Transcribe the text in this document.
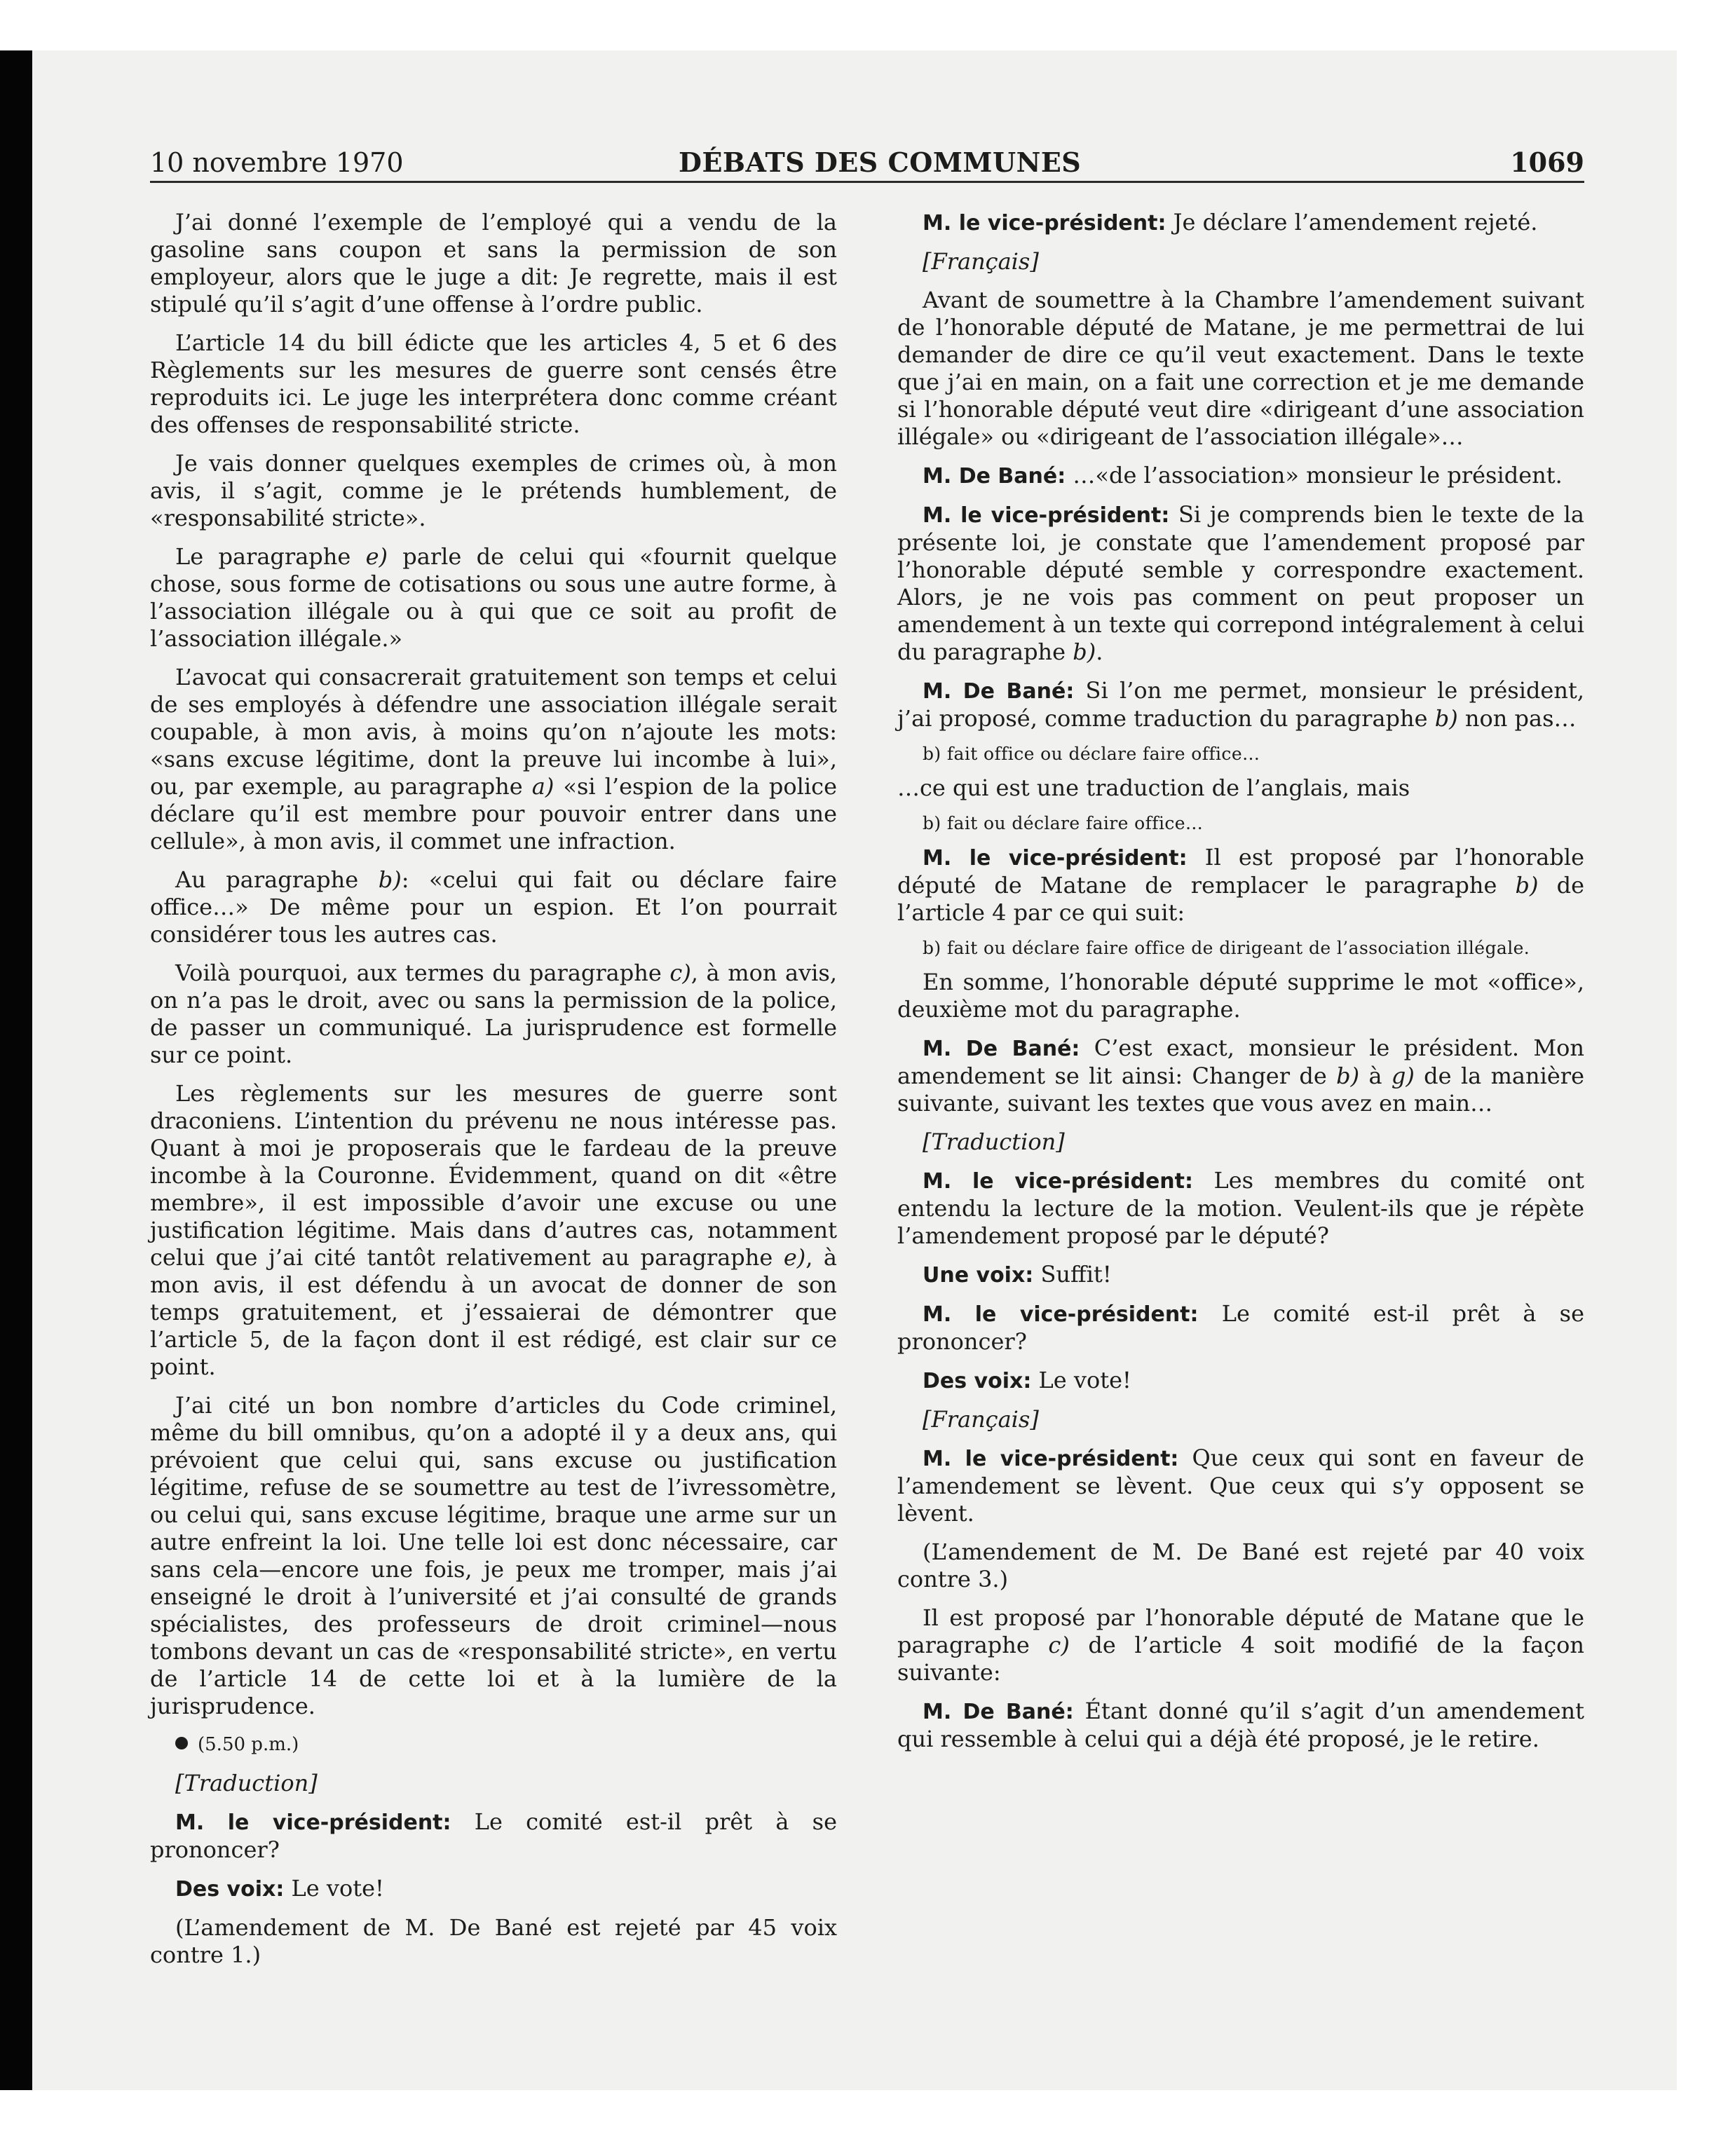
10 novembre 1970	DÉBATS DES COMMUNES	1069

J’ai donné l’exemple de l’employé qui a vendu de la gasoline sans coupon et sans la permission de son employeur, alors que le juge a dit: Je regrette, mais il est stipulé qu’il s’agit d’une offense à l’ordre public.

L’article 14 du bill édicte que les articles 4, 5 et 6 des Règlements sur les mesures de guerre sont censés être reproduits ici. Le juge les interprétera donc comme créant des offenses de responsabilité stricte.

Je vais donner quelques exemples de crimes où, à mon avis, il s’agit, comme je le prétends humblement, de «responsabilité stricte».

Le paragraphe e) parle de celui qui «fournit quelque chose, sous forme de cotisations ou sous une autre forme, à l’association illégale ou à qui que ce soit au profit de l’association illégale.»

L’avocat qui consacrerait gratuitement son temps et celui de ses employés à défendre une association illégale serait coupable, à mon avis, à moins qu’on n’ajoute les mots: «sans excuse légitime, dont la preuve lui incombe à lui», ou, par exemple, au paragraphe a) «si l’espion de la police déclare qu’il est membre pour pouvoir entrer dans une cellule», à mon avis, il commet une infraction.

Au paragraphe b): «celui qui fait ou déclare faire office…» De même pour un espion. Et l’on pourrait considérer tous les autres cas.

Voilà pourquoi, aux termes du paragraphe c), à mon avis, on n’a pas le droit, avec ou sans la permission de la police, de passer un communiqué. La jurisprudence est formelle sur ce point.

Les règlements sur les mesures de guerre sont draconiens. L’intention du prévenu ne nous intéresse pas. Quant à moi je proposerais que le fardeau de la preuve incombe à la Couronne. Évidemment, quand on dit «être membre», il est impossible d’avoir une excuse ou une justification légitime. Mais dans d’autres cas, notamment celui que j’ai cité tantôt relativement au paragraphe e), à mon avis, il est défendu à un avocat de donner de son temps gratuitement, et j’essaierai de démontrer que l’article 5, de la façon dont il est rédigé, est clair sur ce point.

J’ai cité un bon nombre d’articles du Code criminel, même du bill omnibus, qu’on a adopté il y a deux ans, qui prévoient que celui qui, sans excuse ou justification légitime, refuse de se soumettre au test de l’ivressomètre, ou celui qui, sans excuse légitime, braque une arme sur un autre enfreint la loi. Une telle loi est donc nécessaire, car sans cela—encore une fois, je peux me tromper, mais j’ai enseigné le droit à l’université et j’ai consulté de grands spécialistes, des professeurs de droit criminel—nous tombons devant un cas de «responsabilité stricte», en vertu de l’article 14 de cette loi et à la lumière de la jurisprudence.

(5.50 p.m.)

[Traduction]

M. le vice-président: Le comité est-il prêt à se prononcer?

Des voix: Le vote!

(L’amendement de M. De Bané est rejeté par 45 voix contre 1.)

M. le vice-président: Je déclare l’amendement rejeté.

[Français]

Avant de soumettre à la Chambre l’amendement suivant de l’honorable député de Matane, je me permettrai de lui demander de dire ce qu’il veut exactement. Dans le texte que j’ai en main, on a fait une correction et je me demande si l’honorable député veut dire «dirigeant d’une association illégale» ou «dirigeant de l’association illégale»…

M. De Bané: …«de l’association» monsieur le président.

M. le vice-président: Si je comprends bien le texte de la présente loi, je constate que l’amendement proposé par l’honorable député semble y correspondre exactement. Alors, je ne vois pas comment on peut proposer un amendement à un texte qui correpond intégralement à celui du paragraphe b).

M. De Bané: Si l’on me permet, monsieur le président, j’ai proposé, comme traduction du paragraphe b) non pas…

b) fait office ou déclare faire office…

…ce qui est une traduction de l’anglais, mais

b) fait ou déclare faire office…

M. le vice-président: Il est proposé par l’honorable député de Matane de remplacer le paragraphe b) de l’article 4 par ce qui suit:

b) fait ou déclare faire office de dirigeant de l’association illégale.

En somme, l’honorable député supprime le mot «office», deuxième mot du paragraphe.

M. De Bané: C’est exact, monsieur le président. Mon amendement se lit ainsi: Changer de b) à g) de la manière suivante, suivant les textes que vous avez en main…

[Traduction]

M. le vice-président: Les membres du comité ont entendu la lecture de la motion. Veulent-ils que je répète l’amendement proposé par le député?

Une voix: Suffit!

M. le vice-président: Le comité est-il prêt à se prononcer?

Des voix: Le vote!

[Français]

M. le vice-président: Que ceux qui sont en faveur de l’amendement se lèvent. Que ceux qui s’y opposent se lèvent.

(L’amendement de M. De Bané est rejeté par 40 voix contre 3.)

Il est proposé par l’honorable député de Matane que le paragraphe c) de l’article 4 soit modifié de la façon suivante:

M. De Bané: Étant donné qu’il s’agit d’un amendement qui ressemble à celui qui a déjà été proposé, je le retire.
